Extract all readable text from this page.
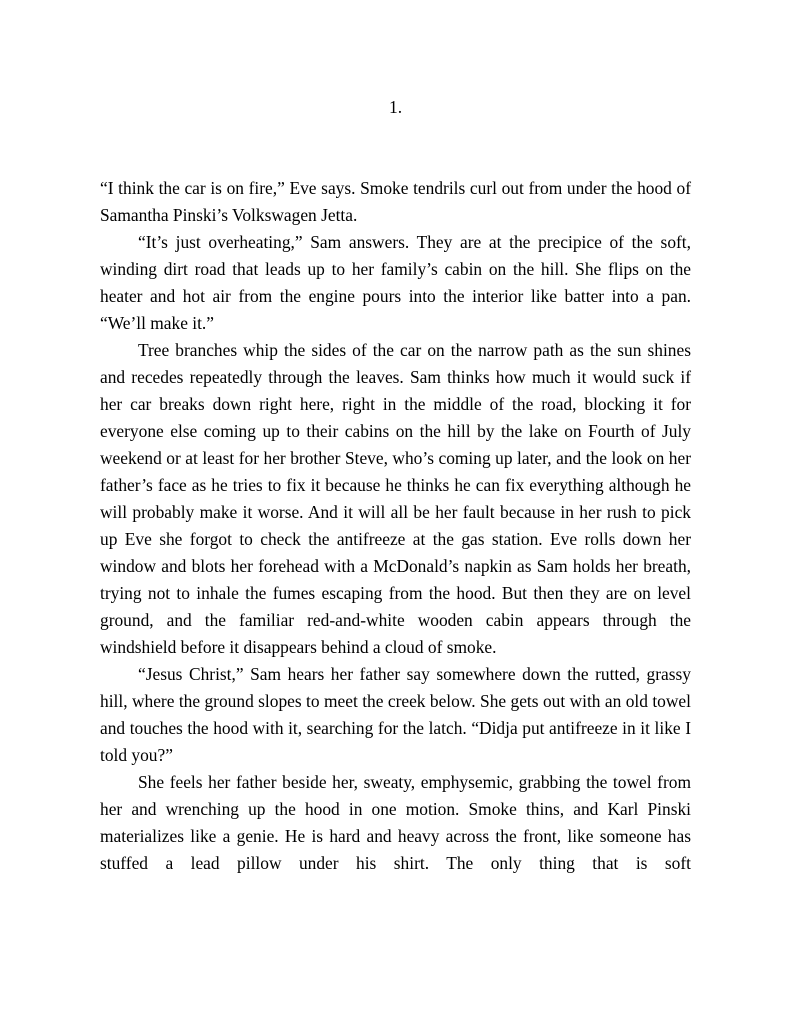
1.

“I think the car is on fire,” Eve says. Smoke tendrils curl out from under the hood of Samantha Pinski’s Volkswagen Jetta.

“It’s just overheating,” Sam answers. They are at the precipice of the soft, winding dirt road that leads up to her family’s cabin on the hill. She flips on the heater and hot air from the engine pours into the interior like batter into a pan. “We’ll make it.”

Tree branches whip the sides of the car on the narrow path as the sun shines and recedes repeatedly through the leaves. Sam thinks how much it would suck if her car breaks down right here, right in the middle of the road, blocking it for everyone else coming up to their cabins on the hill by the lake on Fourth of July weekend or at least for her brother Steve, who’s coming up later, and the look on her father’s face as he tries to fix it because he thinks he can fix everything although he will probably make it worse. And it will all be her fault because in her rush to pick up Eve she forgot to check the antifreeze at the gas station. Eve rolls down her window and blots her forehead with a McDonald’s napkin as Sam holds her breath, trying not to inhale the fumes escaping from the hood. But then they are on level ground, and the familiar red-and-white wooden cabin appears through the windshield before it disappears behind a cloud of smoke.

“Jesus Christ,” Sam hears her father say somewhere down the rutted, grassy hill, where the ground slopes to meet the creek below. She gets out with an old towel and touches the hood with it, searching for the latch. “Didja put antifreeze in it like I told you?”

She feels her father beside her, sweaty, emphysemic, grabbing the towel from her and wrenching up the hood in one motion. Smoke thins, and Karl Pinski materializes like a genie. He is hard and heavy across the front, like someone has stuffed a lead pillow under his shirt. The only thing that is soft
